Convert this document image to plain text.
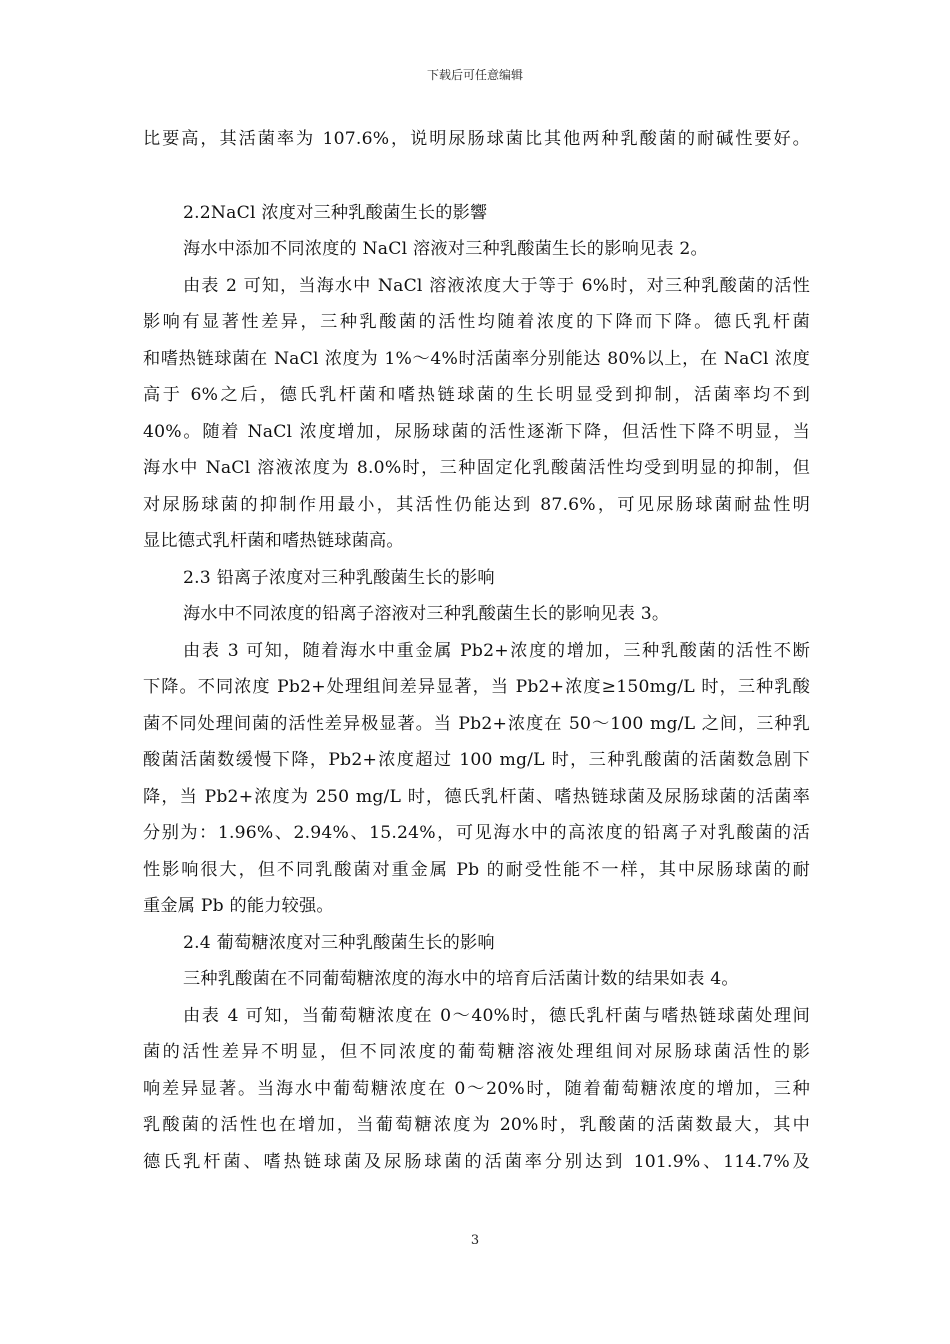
下载后可任意编辑
比要高，其活菌率为 107.6%，说明尿肠球菌比其他两种乳酸菌的耐碱性要好。
2.2NaCl 浓度对三种乳酸菌生长的影響
海水中添加不同浓度的 NaCl 溶液对三种乳酸菌生长的影响见表 2。
由表 2 可知，当海水中 NaCl 溶液浓度大于等于 6%时，对三种乳酸菌的活性
影响有显著性差异，三种乳酸菌的活性均随着浓度的下降而下降。德氏乳杆菌
和嗜热链球菌在 NaCl 浓度为 1%～4%时活菌率分别能达 80%以上，在 NaCl 浓度
高于 6%之后，德氏乳杆菌和嗜热链球菌的生长明显受到抑制，活菌率均不到
40%。随着 NaCl 浓度增加，尿肠球菌的活性逐渐下降，但活性下降不明显，当
海水中 NaCl 溶液浓度为 8.0%时，三种固定化乳酸菌活性均受到明显的抑制，但
对尿肠球菌的抑制作用最小，其活性仍能达到 87.6%，可见尿肠球菌耐盐性明
显比德式乳杆菌和嗜热链球菌高。
2.3 铅离子浓度对三种乳酸菌生长的影响
海水中不同浓度的铅离子溶液对三种乳酸菌生长的影响见表 3。
由表 3 可知，随着海水中重金属 Pb2+浓度的增加，三种乳酸菌的活性不断
下降。不同浓度 Pb2+处理组间差异显著，当 Pb2+浓度≥150mg/L 时，三种乳酸
菌不同处理间菌的活性差异极显著。当 Pb2+浓度在 50～100 mg/L 之间，三种乳
酸菌活菌数缓慢下降，Pb2+浓度超过 100 mg/L 时，三种乳酸菌的活菌数急剧下
降，当 Pb2+浓度为 250 mg/L 时，德氏乳杆菌、嗜热链球菌及尿肠球菌的活菌率
分别为：1.96%、2.94%、15.24%，可见海水中的高浓度的铅离子对乳酸菌的活
性影响很大，但不同乳酸菌对重金属 Pb 的耐受性能不一样，其中尿肠球菌的耐
重金属 Pb 的能力较强。
2.4 葡萄糖浓度对三种乳酸菌生长的影响
三种乳酸菌在不同葡萄糖浓度的海水中的培育后活菌计数的结果如表 4。
由表 4 可知，当葡萄糖浓度在 0～40%时，德氏乳杆菌与嗜热链球菌处理间
菌的活性差异不明显，但不同浓度的葡萄糖溶液处理组间对尿肠球菌活性的影
响差异显著。当海水中葡萄糖浓度在 0～20%时，随着葡萄糖浓度的增加，三种
乳酸菌的活性也在增加，当葡萄糖浓度为 20%时，乳酸菌的活菌数最大，其中
德氏乳杆菌、嗜热链球菌及尿肠球菌的活菌率分别达到 101.9%、114.7%及
3
